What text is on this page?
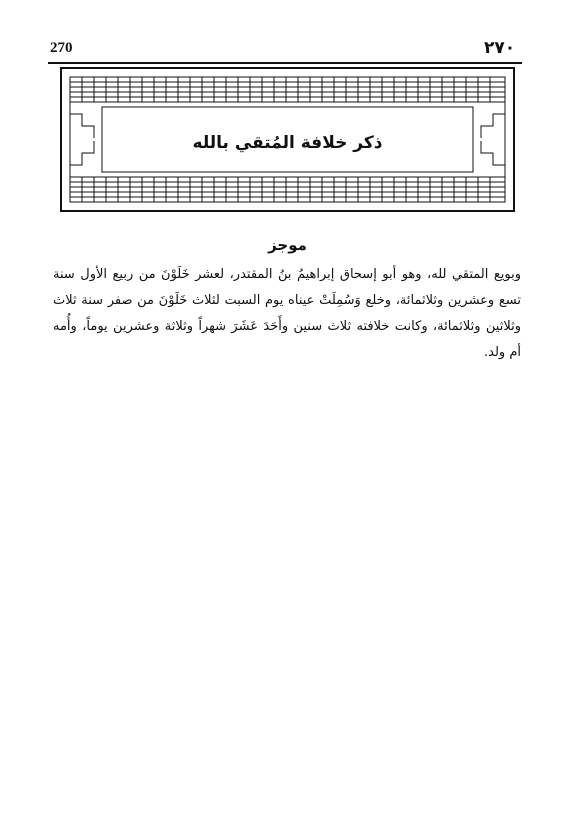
270	٢٧٠
ذكر خلافة المُتقي بالله
موجز
وبويع المتقي لله، وهو أبو إسحاق إبراهيمُ بنُ المقتدر، لعشر خَلَوْنَ من ربيع الأول سنة تسع وعشرين وثلاثمائة، وخلع وَسُمِلَتْ عيناه يوم السبت لثلاث خَلَوْنَ من صفر سنة ثلاث وثلاثين وثلاثمائة، وكانت خلافته ثلاث سنين وأَحَدَ عَشَرَ شهراً وثلاثة وعشرين يوماً، وأُمه أم ولد.
